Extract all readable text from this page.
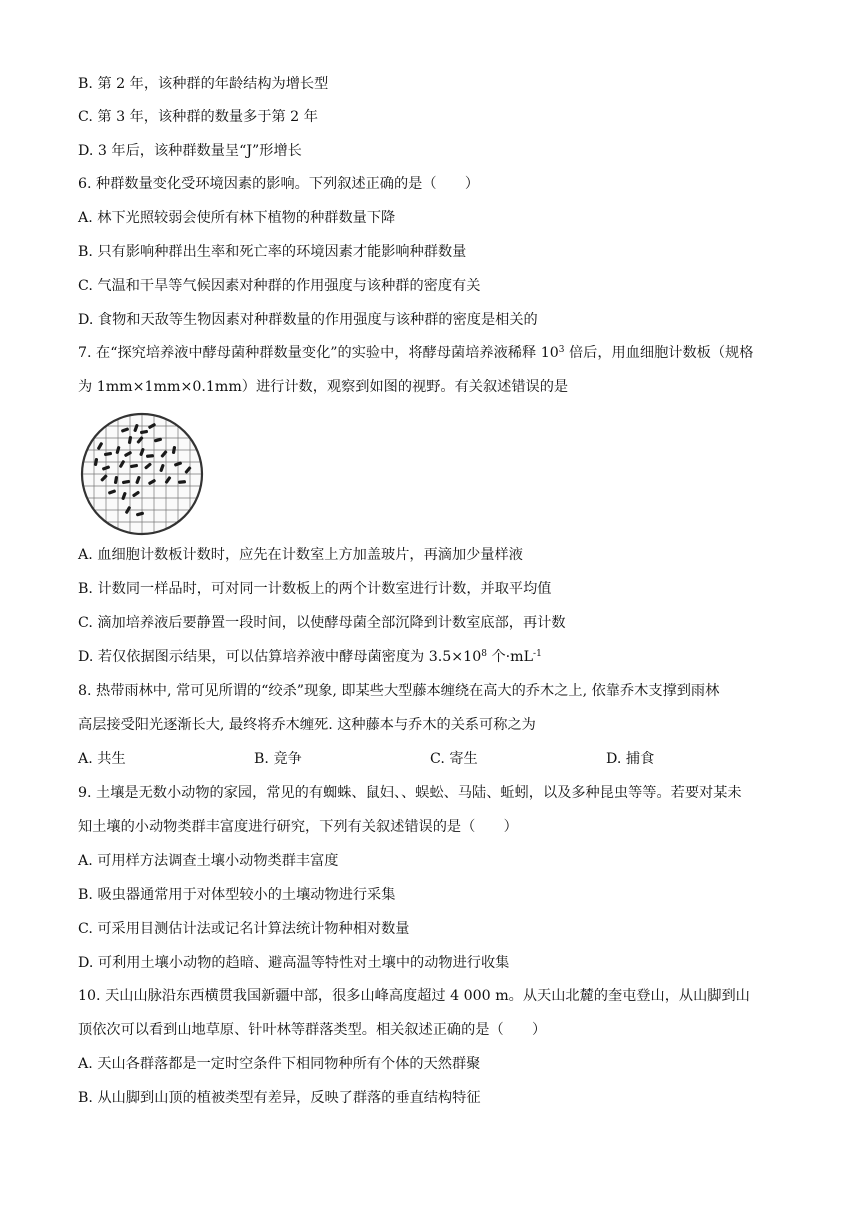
B. 第 2 年，该种群的年龄结构为增长型
C. 第 3 年，该种群的数量多于第 2 年
D. 3 年后，该种群数量呈“J”形增长
6. 种群数量变化受环境因素的影响。下列叙述正确的是（　　）
A. 林下光照较弱会使所有林下植物的种群数量下降
B. 只有影响种群出生率和死亡率的环境因素才能影响种群数量
C. 气温和干旱等气候因素对种群的作用强度与该种群的密度有关
D. 食物和天敌等生物因素对种群数量的作用强度与该种群的密度是相关的
7. 在“探究培养液中酵母菌种群数量变化”的实验中，将酵母菌培养液稀释 $10^3$ 倍后，用血细胞计数板（规格
为 1mm×1mm×0.1mm）进行计数，观察到如图的视野。有关叙述错误的是
A. 血细胞计数板计数时，应先在计数室上方加盖玻片，再滴加少量样液
B. 计数同一样品时，可对同一计数板上的两个计数室进行计数，并取平均值
C. 滴加培养液后要静置一段时间，以使酵母菌全部沉降到计数室底部，再计数
D. 若仅依据图示结果，可以估算培养液中酵母菌密度为 $3.5\times 10^8$ 个$\cdot mL^{-1}$
8. 热带雨林中, 常可见所谓的“绞杀”现象, 即某些大型藤本缠绕在高大的乔木之上, 依靠乔木支撑到雨林
高层接受阳光逐渐长大, 最终将乔木缠死. 这种藤本与乔木的关系可称之为
A. 共生	B. 竞争	C. 寄生	D. 捕食
9. 土壤是无数小动物的家园，常见的有蜘蛛、鼠妇、、蜈蚣、马陆、蚯蚓，以及多种昆虫等等。若要对某未
知土壤的小动物类群丰富度进行研究，下列有关叙述错误的是（　　）
A. 可用样方法调查土壤小动物类群丰富度
B. 吸虫器通常用于对体型较小的土壤动物进行采集
C. 可采用目测估计法或记名计算法统计物种相对数量
D. 可利用土壤小动物的趋暗、避高温等特性对土壤中的动物进行收集
10. 天山山脉沿东西横贯我国新疆中部，很多山峰高度超过 4 000 m。从天山北麓的奎屯登山，从山脚到山
顶依次可以看到山地草原、针叶林等群落类型。相关叙述正确的是（　　）
A. 天山各群落都是一定时空条件下相同物种所有个体的天然群聚
B. 从山脚到山顶的植被类型有差异，反映了群落的垂直结构特征
